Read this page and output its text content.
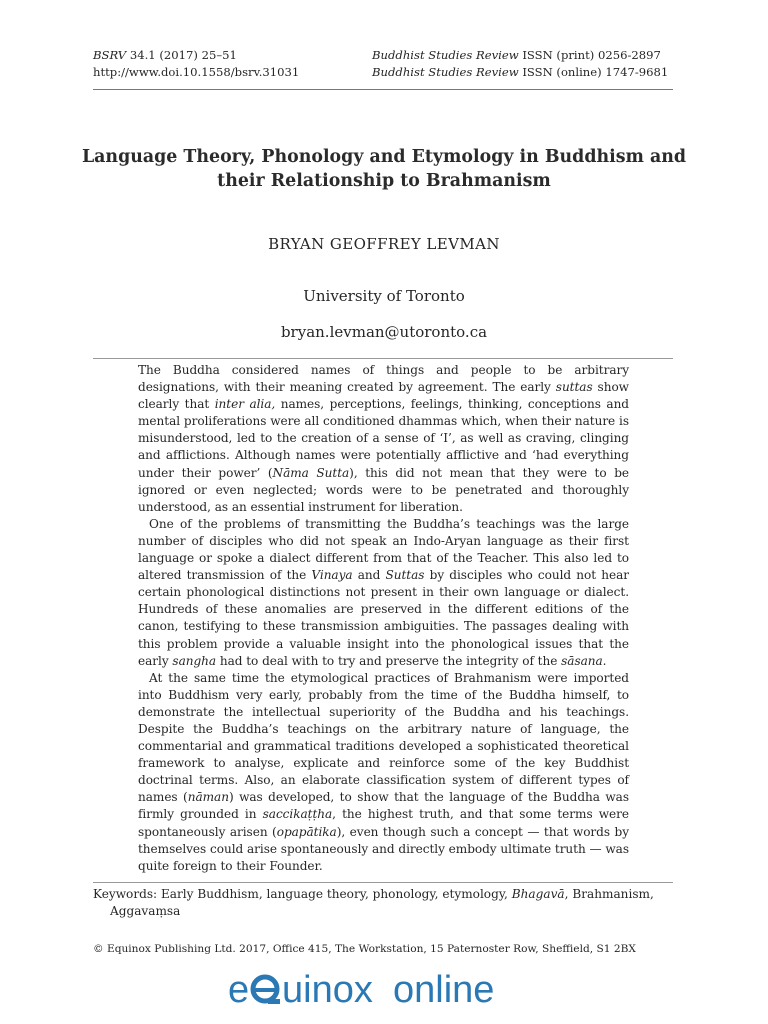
BSRV 34.1 (2017) 25–51
http://www.doi.10.1558/bsrv.31031
Buddhist Studies Review ISSN (print) 0256-2897
Buddhist Studies Review ISSN (online) 1747-9681
Language Theory, Phonology and Etymology in Buddhism and their Relationship to Brahmanism
BRYAN GEOFFREY LEVMAN
University of Toronto
bryan.levman@utoronto.ca

The Buddha considered names of things and people to be arbitrary designations, with their meaning created by agreement. The early suttas show clearly that inter alia, names, perceptions, feelings, thinking, conceptions and mental proliferations were all conditioned dhammas which, when their nature is misunderstood, led to the creation of a sense of ‘I’, as well as craving, clinging and afflictions. Although names were potentially afflictive and ‘had everything under their power’ (Nāma Sutta), this did not mean that they were to be ignored or even neglected; words were to be penetrated and thoroughly understood, as an essential instrument for liberation.

One of the problems of transmitting the Buddha’s teachings was the large number of disciples who did not speak an Indo-Aryan language as their first language or spoke a dialect different from that of the Teacher. This also led to altered transmission of the Vinaya and Suttas by disciples who could not hear certain phonological distinctions not present in their own language or dialect. Hundreds of these anomalies are preserved in the different editions of the canon, testifying to these transmission ambiguities. The passages dealing with this problem provide a valuable insight into the phonological issues that the early sangha had to deal with to try and preserve the integrity of the sāsana.

At the same time the etymological practices of Brahmanism were imported into Buddhism very early, probably from the time of the Buddha himself, to demonstrate the intellectual superiority of the Buddha and his teachings. Despite the Buddha’s teachings on the arbitrary nature of language, the commentarial and grammatical traditions developed a sophisticated theoretical framework to analyse, explicate and reinforce some of the key Buddhist doctrinal terms. Also, an elaborate classification system of different types of names (nāman) was developed, to show that the language of the Buddha was firmly grounded in saccikaṭṭha, the highest truth, and that some terms were spontaneously arisen (opapātika), even though such a concept — that words by themselves could arise spontaneously and directly embody ultimate truth — was quite foreign to their Founder.

Keywords: Early Buddhism, language theory, phonology, etymology, Bhagavā, Brahmanism, Aggavaṃsa
© Equinox Publishing Ltd. 2017, Office 415, The Workstation, 15 Paternoster Row, Sheffield, S1 2BX
e uinox online
